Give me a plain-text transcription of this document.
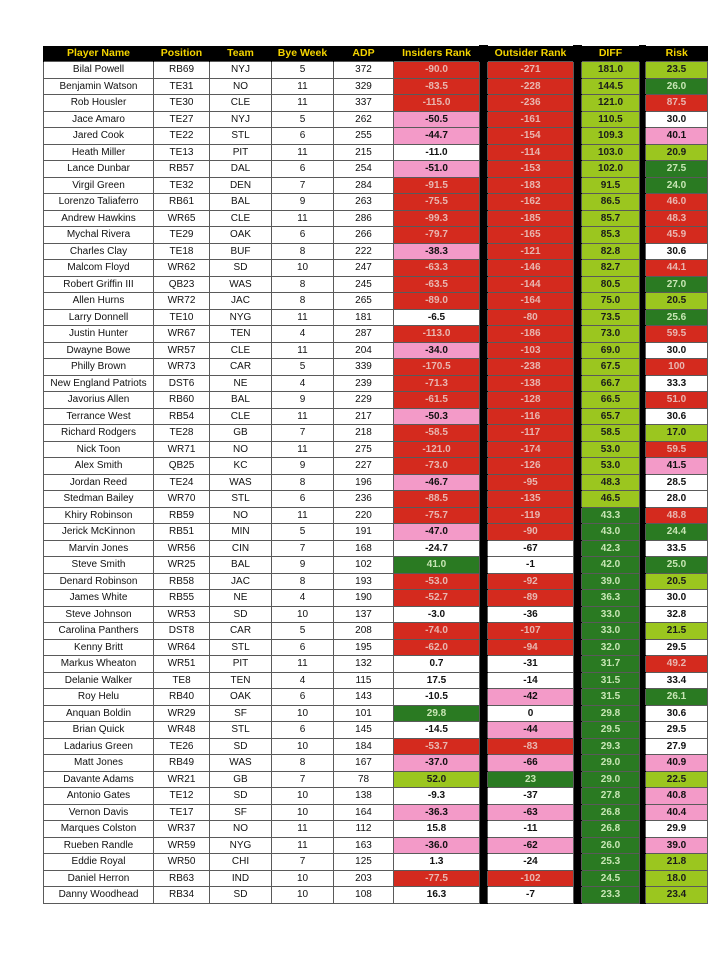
Player Name	Position	Team	Bye Week	ADP	Insiders Rank		Outsider Rank		DIFF		Risk
Bilal Powell	RB69	NYJ	5	372	-90.0		-271		181.0		23.5
Benjamin Watson	TE31	NO	11	329	-83.5		-228		144.5		26.0
Rob Housler	TE30	CLE	11	337	-115.0		-236		121.0		87.5
Jace Amaro	TE27	NYJ	5	262	-50.5		-161		110.5		30.0
Jared Cook	TE22	STL	6	255	-44.7		-154		109.3		40.1
Heath Miller	TE13	PIT	11	215	-11.0		-114		103.0		20.9
Lance Dunbar	RB57	DAL	6	254	-51.0		-153		102.0		27.5
Virgil Green	TE32	DEN	7	284	-91.5		-183		91.5		24.0
Lorenzo Taliaferro	RB61	BAL	9	263	-75.5		-162		86.5		46.0
Andrew Hawkins	WR65	CLE	11	286	-99.3		-185		85.7		48.3
Mychal Rivera	TE29	OAK	6	266	-79.7		-165		85.3		45.9
Charles Clay	TE18	BUF	8	222	-38.3		-121		82.8		30.6
Malcom Floyd	WR62	SD	10	247	-63.3		-146		82.7		44.1
Robert Griffin III	QB23	WAS	8	245	-63.5		-144		80.5		27.0
Allen Hurns	WR72	JAC	8	265	-89.0		-164		75.0		20.5
Larry Donnell	TE10	NYG	11	181	-6.5		-80		73.5		25.6
Justin Hunter	WR67	TEN	4	287	-113.0		-186		73.0		59.5
Dwayne Bowe	WR57	CLE	11	204	-34.0		-103		69.0		30.0
Philly Brown	WR73	CAR	5	339	-170.5		-238		67.5		100
New England Patriots	DST6	NE	4	239	-71.3		-138		66.7		33.3
Javorius Allen	RB60	BAL	9	229	-61.5		-128		66.5		51.0
Terrance West	RB54	CLE	11	217	-50.3		-116		65.7		30.6
Richard Rodgers	TE28	GB	7	218	-58.5		-117		58.5		17.0
Nick Toon	WR71	NO	11	275	-121.0		-174		53.0		59.5
Alex Smith	QB25	KC	9	227	-73.0		-126		53.0		41.5
Jordan Reed	TE24	WAS	8	196	-46.7		-95		48.3		28.5
Stedman Bailey	WR70	STL	6	236	-88.5		-135		46.5		28.0
Khiry Robinson	RB59	NO	11	220	-75.7		-119		43.3		48.8
Jerick McKinnon	RB51	MIN	5	191	-47.0		-90		43.0		24.4
Marvin Jones	WR56	CIN	7	168	-24.7		-67		42.3		33.5
Steve Smith	WR25	BAL	9	102	41.0		-1		42.0		25.0
Denard Robinson	RB58	JAC	8	193	-53.0		-92		39.0		20.5
James White	RB55	NE	4	190	-52.7		-89		36.3		30.0
Steve Johnson	WR53	SD	10	137	-3.0		-36		33.0		32.8
Carolina Panthers	DST8	CAR	5	208	-74.0		-107		33.0		21.5
Kenny Britt	WR64	STL	6	195	-62.0		-94		32.0		29.5
Markus Wheaton	WR51	PIT	11	132	0.7		-31		31.7		49.2
Delanie Walker	TE8	TEN	4	115	17.5		-14		31.5		33.4
Roy Helu	RB40	OAK	6	143	-10.5		-42		31.5		26.1
Anquan Boldin	WR29	SF	10	101	29.8		0		29.8		30.6
Brian Quick	WR48	STL	6	145	-14.5		-44		29.5		29.5
Ladarius Green	TE26	SD	10	184	-53.7		-83		29.3		27.9
Matt Jones	RB49	WAS	8	167	-37.0		-66		29.0		40.9
Davante Adams	WR21	GB	7	78	52.0		23		29.0		22.5
Antonio Gates	TE12	SD	10	138	-9.3		-37		27.8		40.8
Vernon Davis	TE17	SF	10	164	-36.3		-63		26.8		40.4
Marques Colston	WR37	NO	11	112	15.8		-11		26.8		29.9
Rueben Randle	WR59	NYG	11	163	-36.0		-62		26.0		39.0
Eddie Royal	WR50	CHI	7	125	1.3		-24		25.3		21.8
Daniel Herron	RB63	IND	10	203	-77.5		-102		24.5		18.0
Danny Woodhead	RB34	SD	10	108	16.3		-7		23.3		23.4
